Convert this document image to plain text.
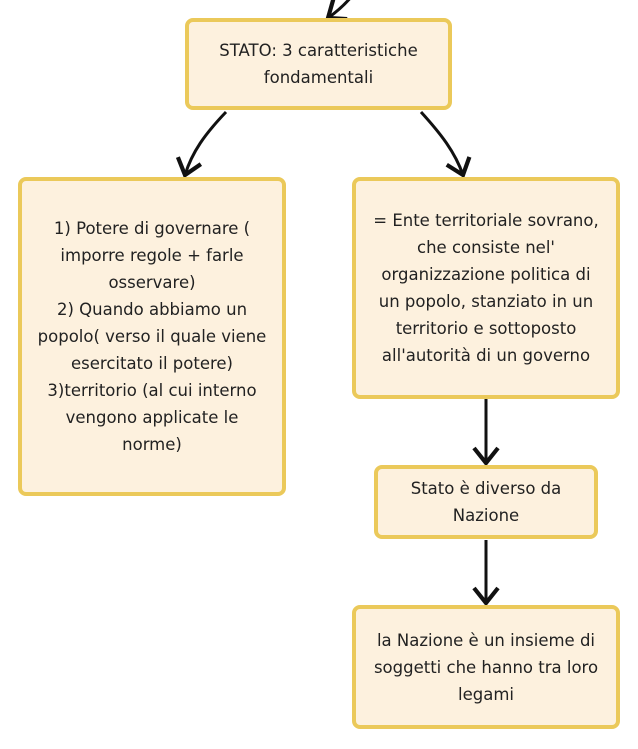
STATO: 3 caratteristiche
fondamentali
1) Potere di governare (
imporre regole + farle
osservare)
2) Quando abbiamo un
popolo( verso il quale viene
esercitato il potere)
3)territorio (al cui interno
vengono applicate le
norme)
= Ente territoriale sovrano,
che consiste nel'
organizzazione politica di
un popolo, stanziato in un
territorio e sottoposto
all'autorità di un governo
Stato è diverso da
Nazione
la Nazione è un insieme di
soggetti che hanno tra loro
legami
